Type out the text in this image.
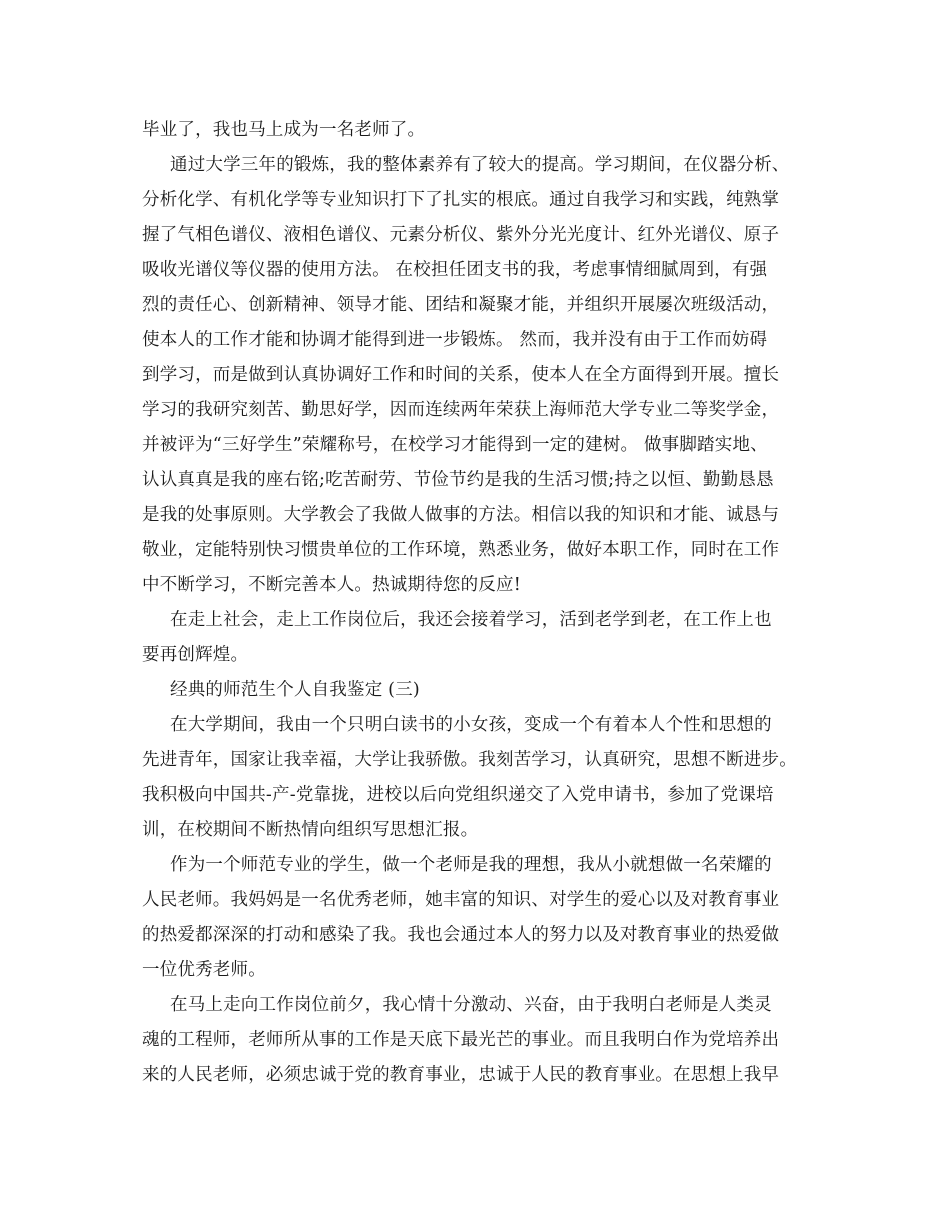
毕业了，我也马上成为一名老师了。
通过大学三年的锻炼，我的整体素养有了较大的提高。学习期间，在仪器分析、
分析化学、有机化学等专业知识打下了扎实的根底。通过自我学习和实践，纯熟掌
握了气相色谱仪、液相色谱仪、元素分析仪、紫外分光光度计、红外光谱仪、原子
吸收光谱仪等仪器的使用方法。 在校担任团支书的我，考虑事情细腻周到，有强
烈的责任心、创新精神、领导才能、团结和凝聚才能，并组织开展屡次班级活动，
使本人的工作才能和协调才能得到进一步锻炼。 然而，我并没有由于工作而妨碍
到学习，而是做到认真协调好工作和时间的关系，使本人在全方面得到开展。擅长
学习的我研究刻苦、勤思好学，因而连续两年荣获上海师范大学专业二等奖学金，
并被评为“三好学生”荣耀称号，在校学习才能得到一定的建树。 做事脚踏实地、
认认真真是我的座右铭;吃苦耐劳、节俭节约是我的生活习惯;持之以恒、勤勤恳恳
是我的处事原则。大学教会了我做人做事的方法。相信以我的知识和才能、诚恳与
敬业，定能特别快习惯贵单位的工作环境，熟悉业务，做好本职工作，同时在工作
中不断学习，不断完善本人。热诚期待您的反应!
在走上社会，走上工作岗位后，我还会接着学习，活到老学到老，在工作上也
要再创辉煌。
经典的师范生个人自我鉴定 (三)
在大学期间，我由一个只明白读书的小女孩，变成一个有着本人个性和思想的
先进青年，国家让我幸福，大学让我骄傲。我刻苦学习，认真研究，思想不断进步。
我积极向中国共-产-党靠拢，进校以后向党组织递交了入党申请书，参加了党课培
训，在校期间不断热情向组织写思想汇报。
作为一个师范专业的学生，做一个老师是我的理想，我从小就想做一名荣耀的
人民老师。我妈妈是一名优秀老师，她丰富的知识、对学生的爱心以及对教育事业
的热爱都深深的打动和感染了我。我也会通过本人的努力以及对教育事业的热爱做
一位优秀老师。
在马上走向工作岗位前夕，我心情十分激动、兴奋，由于我明白老师是人类灵
魂的工程师，老师所从事的工作是天底下最光芒的事业。而且我明白作为党培养出
来的人民老师，必须忠诚于党的教育事业，忠诚于人民的教育事业。在思想上我早
